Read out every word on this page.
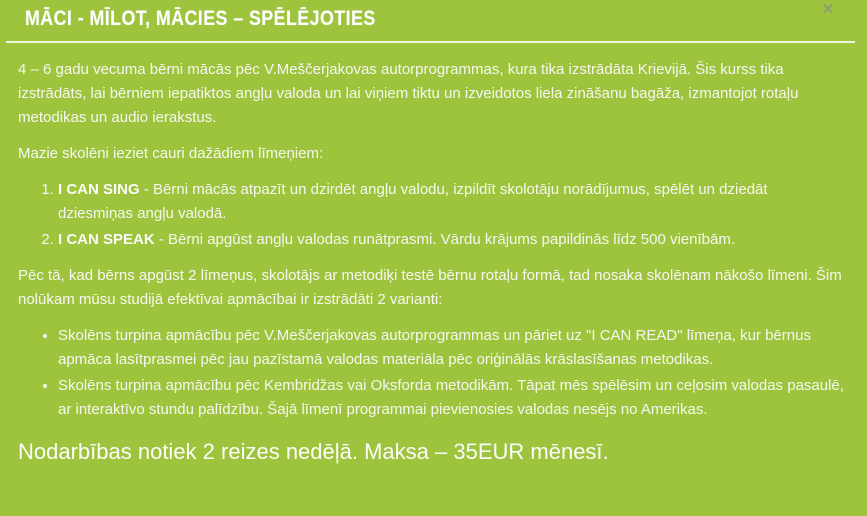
MĀCI - MĪLOT, MĀCIES – SPĒLĒJOTIES	✕

4 – 6 gadu vecuma bērni mācās pēc V.Meščerjakovas autorprogrammas, kura tika izstrādāta Krievijā. Šis kurss tika izstrādāts, lai bērniem iepatiktos angļu valoda un lai viņiem tiktu un izveidotos liela zināšanu bagāža, izmantojot rotaļu metodikas un audio ierakstus.

Mazie skolēni ieziet cauri dažādiem līmeņiem:

1. I CAN SING - Bērni mācās atpazīt un dzirdēt angļu valodu, izpildīt skolotāju norādījumus, spēlēt un dziedāt dziesmiņas angļu valodā.
2. I CAN SPEAK - Bērni apgūst angļu valodas runātprasmi. Vārdu krājums papildinās līdz 500 vienībām.

Pēc tā, kad bērns apgūst 2 līmeņus, skolotājs ar metodiķi testē bērnu rotaļu formā, tad nosaka skolēnam nākošo līmeni. Šim nolūkam mūsu studijā efektīvai apmācībai ir izstrādāti 2 varianti:

• Skolēns turpina apmācību pēc V.Meščerjakovas autorprogrammas un pāriet uz "I CAN READ" līmeņa, kur bērnus apmāca lasītprasmei pēc jau pazīstamā valodas materiāla pēc oriģinālās krāslasīšanas metodikas.
• Skolēns turpina apmācību pēc Kembridžas vai Oksforda metodikām. Tāpat mēs spēlēsim un ceļosim valodas pasaulē, ar interaktīvo stundu palīdzību. Šajā līmenī programmai pievienosies valodas nesējs no Amerikas.

Nodarbības notiek 2 reizes nedēļā. Maksa – 35EUR mēnesī.
